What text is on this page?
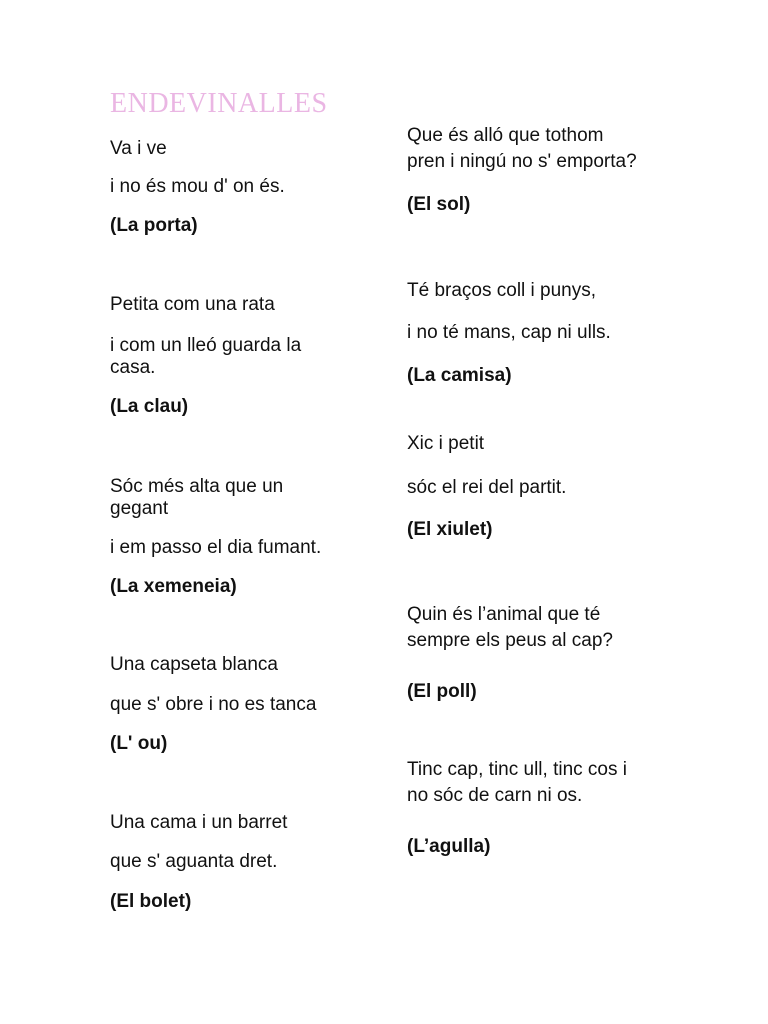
ENDEVINALLES
Va i ve
i no és mou d' on és.
(La porta)
Petita com una rata
i com un lleó guarda la casa.
(La clau)
Sóc més alta que un gegant
i em passo el dia fumant.
(La xemeneia)
Una capseta blanca
que s' obre i no es tanca
(L' ou)
Una cama i un barret
que s' aguanta dret.
(El bolet)
Que és alló que tothom
pren i ningú no s' emporta?
(El sol)
Té braços coll i punys,
i no té mans, cap ni ulls.
(La camisa)
Xic i petit
sóc el rei del partit.
(El xiulet)
Quin és l’animal que té
sempre els peus al cap?
(El poll)
Tinc cap, tinc ull, tinc cos i
no sóc de carn ni os.
(L’agulla)
